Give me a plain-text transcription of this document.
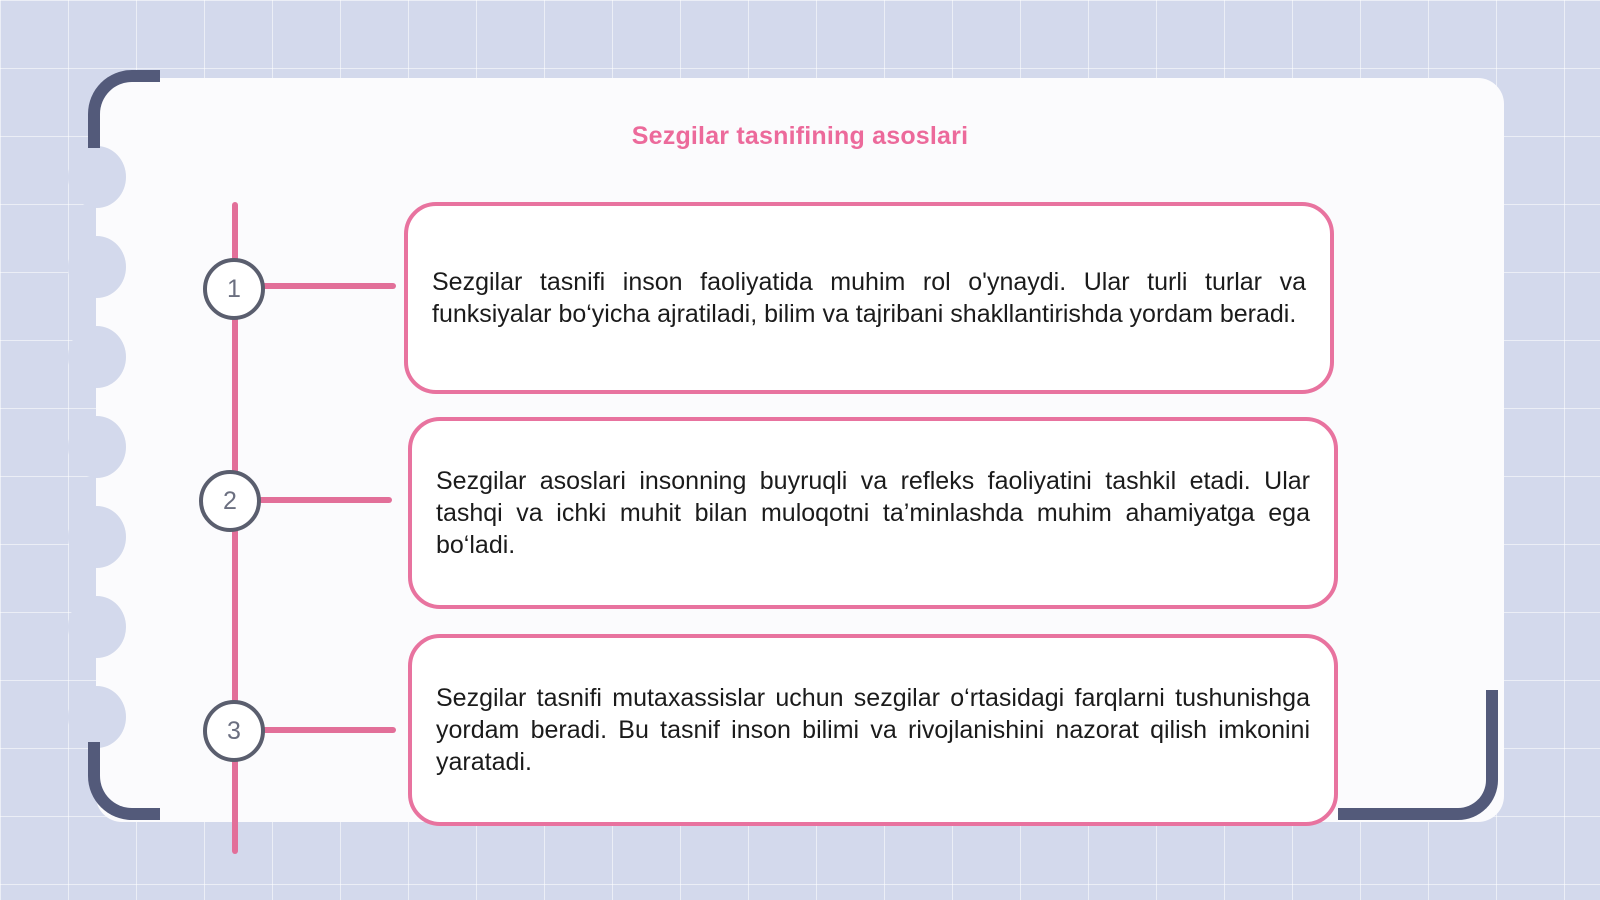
Sezgilar tasnifining asoslari
1
2
3

Sezgilar tasnifi inson faoliyatida muhim rol o'ynaydi. Ular turli turlar va funksiyalar bo‘yicha ajratiladi, bilim va tajribani shakllantirishda yordam beradi.

Sezgilar asoslari insonning buyruqli va refleks faoliyatini tashkil etadi. Ular tashqi va ichki muhit bilan muloqotni ta’minlashda muhim ahamiyatga ega bo‘ladi.

Sezgilar tasnifi mutaxassislar uchun sezgilar o‘rtasidagi farqlarni tushunishga yordam beradi. Bu tasnif inson bilimi va rivojlanishini nazorat qilish imkonini yaratadi.
